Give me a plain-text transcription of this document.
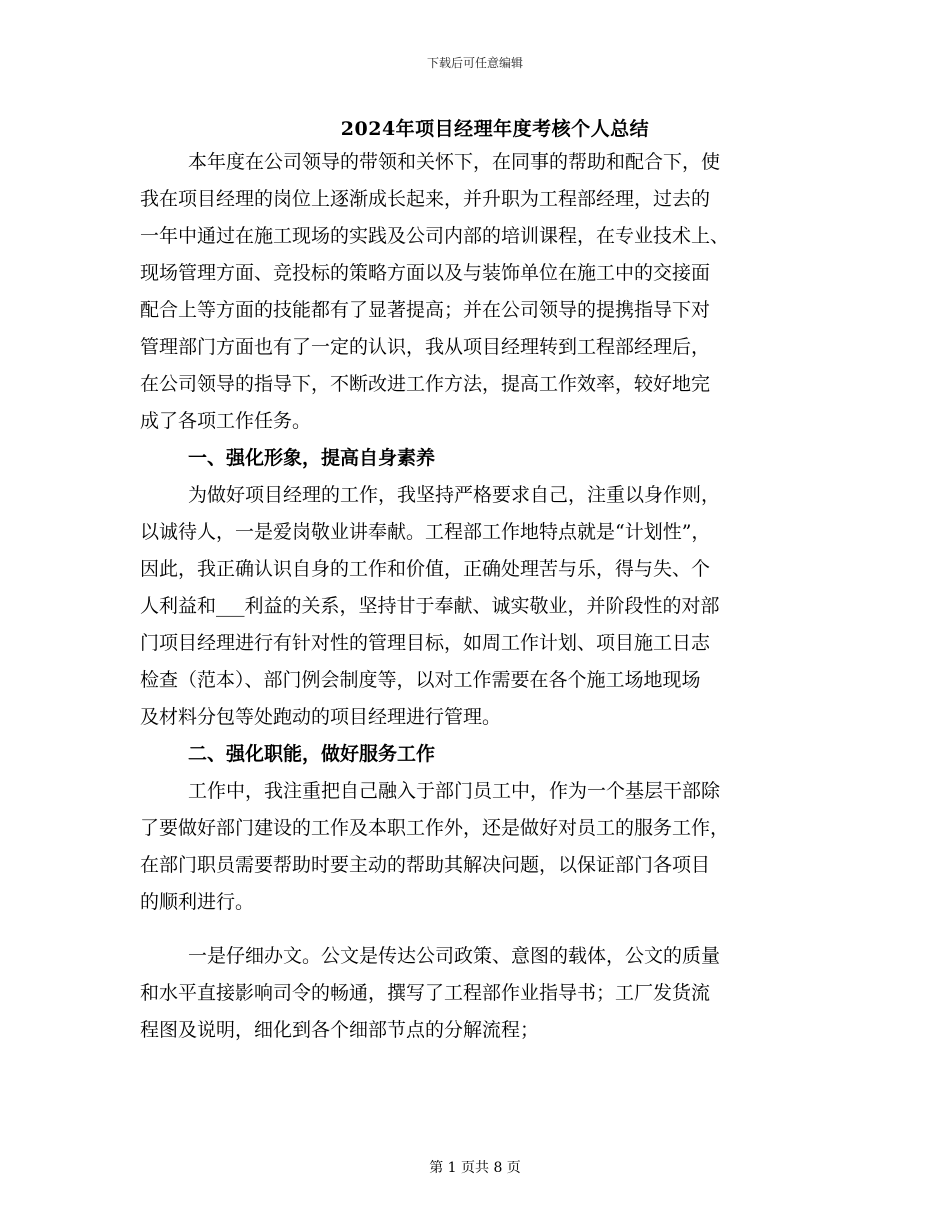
下载后可任意编辑
2024年项目经理年度考核个人总结
本年度在公司领导的带领和关怀下，在同事的帮助和配合下，使
我在项目经理的岗位上逐渐成长起来，并升职为工程部经理，过去的
一年中通过在施工现场的实践及公司内部的培训课程，在专业技术上、
现场管理方面、竞投标的策略方面以及与装饰单位在施工中的交接面
配合上等方面的技能都有了显著提高；并在公司领导的提携指导下对
管理部门方面也有了一定的认识，我从项目经理转到工程部经理后，
在公司领导的指导下，不断改进工作方法，提高工作效率，较好地完
成了各项工作任务。
一、强化形象，提高自身素养
为做好项目经理的工作，我坚持严格要求自己，注重以身作则，
以诚待人，一是爱岗敬业讲奉献。工程部工作地特点就是“计划性”，
因此，我正确认识自身的工作和价值，正确处理苦与乐，得与失、个
人利益和___利益的关系，坚持甘于奉献、诚实敬业，并阶段性的对部
门项目经理进行有针对性的管理目标，如周工作计划、项目施工日志
检查（范本）、部门例会制度等，以对工作需要在各个施工场地现场
及材料分包等处跑动的项目经理进行管理。
二、强化职能，做好服务工作
工作中，我注重把自己融入于部门员工中，作为一个基层干部除
了要做好部门建设的工作及本职工作外，还是做好对员工的服务工作，
在部门职员需要帮助时要主动的帮助其解决问题，以保证部门各项目
的顺利进行。
一是仔细办文。公文是传达公司政策、意图的载体，公文的质量
和水平直接影响司令的畅通，撰写了工程部作业指导书；工厂发货流
程图及说明，细化到各个细部节点的分解流程；
第 1 页共 8 页
